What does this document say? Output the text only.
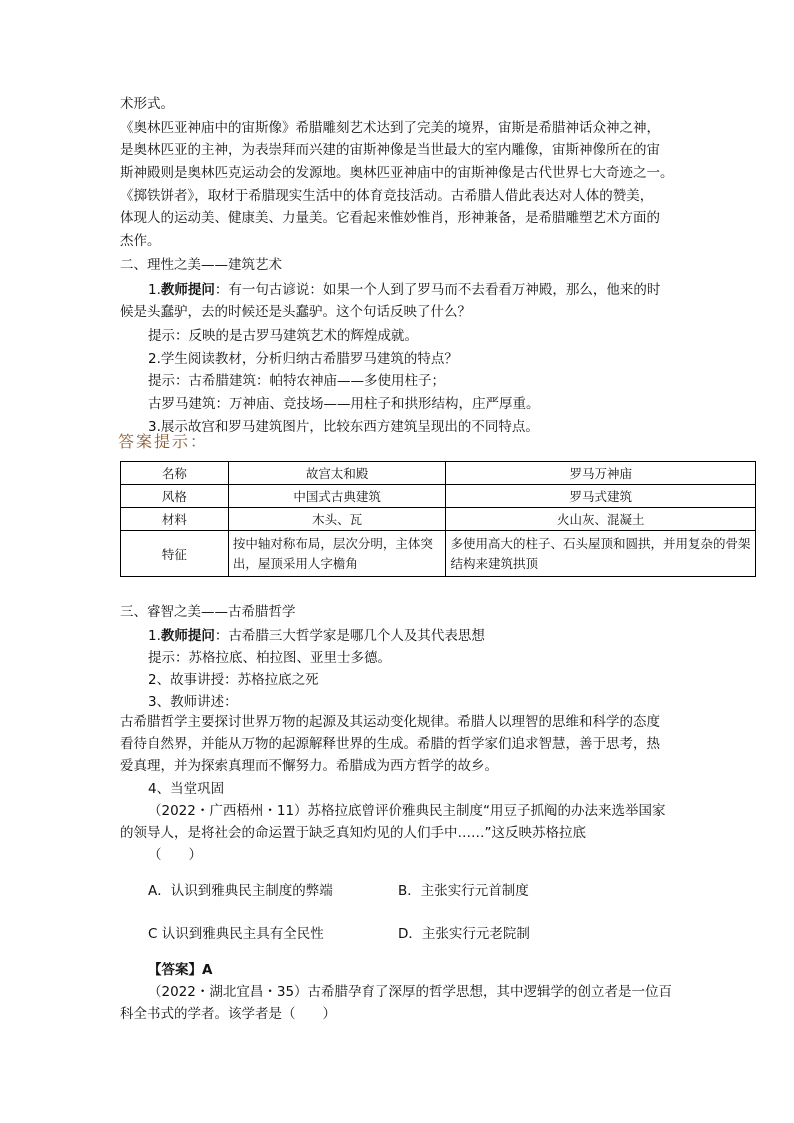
术形式。
《奥林匹亚神庙中的宙斯像》希腊雕刻艺术达到了完美的境界，宙斯是希腊神话众神之神，
是奥林匹亚的主神，为表崇拜而兴建的宙斯神像是当世最大的室内雕像，宙斯神像所在的宙
斯神殿则是奥林匹克运动会的发源地。奥林匹亚神庙中的宙斯神像是古代世界七大奇迹之一。
《掷铁饼者》，取材于希腊现实生活中的体育竞技活动。古希腊人借此表达对人体的赞美，
体现人的运动美、健康美、力量美。它看起来惟妙惟肖，形神兼备，是希腊雕塑艺术方面的
杰作。
二、理性之美——建筑艺术
1.教师提问：有一句古谚说：如果一个人到了罗马而不去看看万神殿，那么，他来的时
候是头蠢驴，去的时候还是头蠢驴。这个句话反映了什么？
提示：反映的是古罗马建筑艺术的辉煌成就。
2.学生阅读教材，分析归纳古希腊罗马建筑的特点？
提示：古希腊建筑：帕特农神庙——多使用柱子；
古罗马建筑：万神庙、竞技场——用柱子和拱形结构，庄严厚重。
3.展示故宫和罗马建筑图片，比较东西方建筑呈现出的不同特点。
答案提示：
名称	故宫太和殿	罗马万神庙
风格	中国式古典建筑	罗马式建筑
材料	木头、瓦	火山灰、混凝土
特征	按中轴对称布局，层次分明，主体突出，屋顶采用人字檐角	多使用高大的柱子、石头屋顶和圆拱，并用复杂的骨架结构来建筑拱顶
三、睿智之美——古希腊哲学
1.教师提问：古希腊三大哲学家是哪几个人及其代表思想
提示：苏格拉底、柏拉图、亚里士多德。
2、故事讲授：苏格拉底之死
3、教师讲述：
古希腊哲学主要探讨世界万物的起源及其运动变化规律。希腊人以理智的思维和科学的态度
看待自然界，并能从万物的起源解释世界的生成。希腊的哲学家们追求智慧，善于思考，热
爱真理，并为探索真理而不懈努力。希腊成为西方哲学的故乡。
4、当堂巩固
（2022・广西梧州・11）苏格拉底曾评价雅典民主制度“用豆子抓阄的办法来选举国家
的领导人，是将社会的命运置于缺乏真知灼见的人们手中……”这反映苏格拉底
（　　）
A．认识到雅典民主制度的弊端	B．主张实行元首制度
C 认识到雅典民主具有全民性	D．主张实行元老院制
【答案】A
（2022・湖北宜昌・35）古希腊孕育了深厚的哲学思想，其中逻辑学的创立者是一位百
科全书式的学者。该学者是（　　）
